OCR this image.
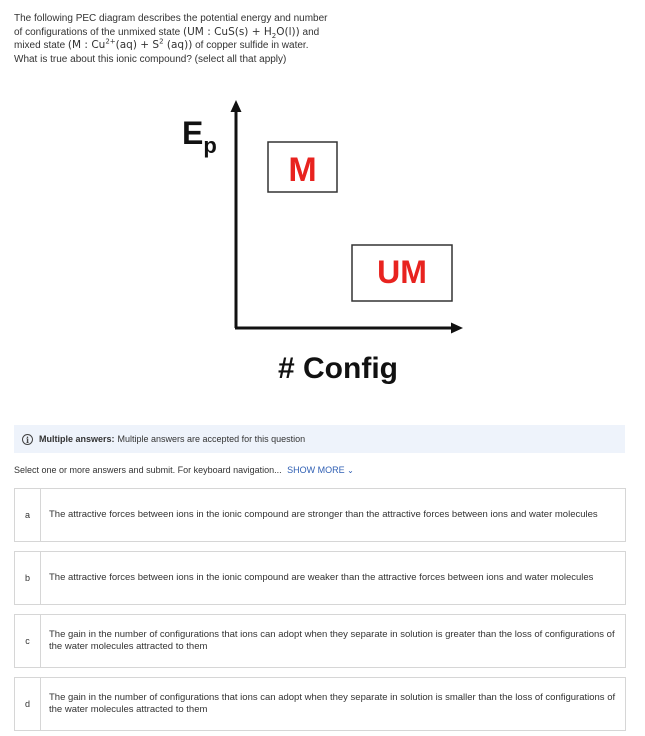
The following PEC diagram describes the potential energy and number
of configurations of the unmixed state (UM : $CuS(s) + H_2O(l)$) and
mixed state (M : $Cu^{2+}(aq) + S^2$ (aq)) of copper sulfide in water.
What is true about this ionic compound? (select all that apply)
$E_p$
M
UM
# Config
i	Multiple answers: Multiple answers are accepted for this question
Select one or more answers and submit. For keyboard navigation... SHOW MORE ⌄
a	The attractive forces between ions in the ionic compound are stronger than the attractive forces between ions and water molecules
b	The attractive forces between ions in the ionic compound are weaker than the attractive forces between ions and water molecules
c
The gain in the number of configurations that ions can adopt when they separate in solution is greater than the loss of configurations of the water molecules attracted to them
d
The gain in the number of configurations that ions can adopt when they separate in solution is smaller than the loss of configurations of the water molecules attracted to them
